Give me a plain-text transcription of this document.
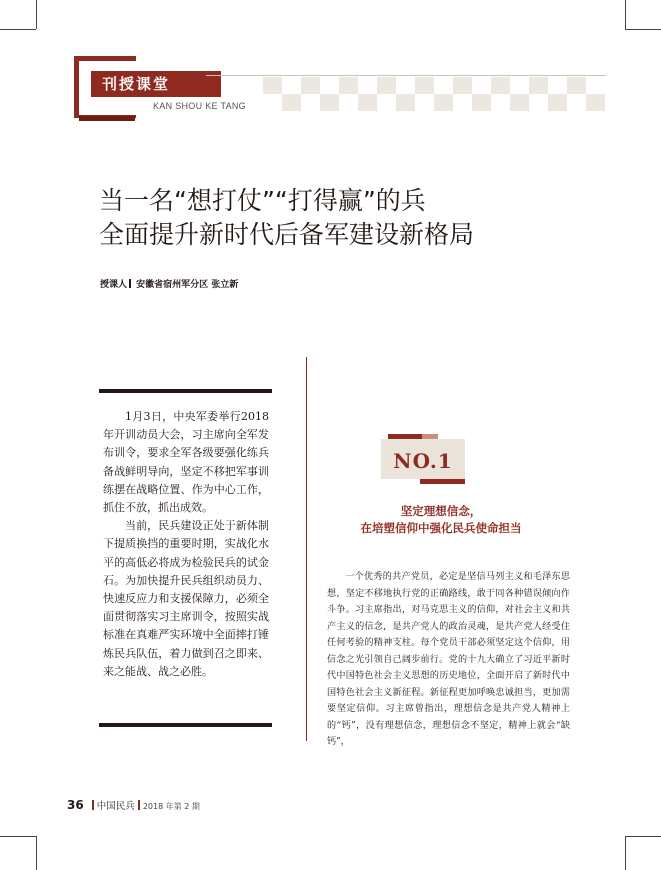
刊授课堂
KAN SHOU KE TANG
当一名“想打仗”“打得赢”的兵
全面提升新时代后备军建设新格局
授课人 安徽省宿州军分区 张立新

1月3日，中央军委举行2018年开训动员大会，习主席向全军发布训令，要求全军各级要强化练兵备战鲜明导向，坚定不移把军事训练摆在战略位置、作为中心工作，抓住不放，抓出成效。

当前，民兵建设正处于新体制下提质换挡的重要时期，实战化水平的高低必将成为检验民兵的试金石。为加快提升民兵组织动员力、快速反应力和支援保障力，必须全面贯彻落实习主席训令，按照实战标准在真难严实环境中全面摔打锤炼民兵队伍，着力做到召之即来、来之能战、战之必胜。

NO.1
坚定理想信念，
在培塑信仰中强化民兵使命担当

一个优秀的共产党员，必定是坚信马列主义和毛泽东思想，坚定不移地执行党的正确路线，敢于同各种错误倾向作斗争。习主席指出，对马克思主义的信仰，对社会主义和共产主义的信念，是共产党人的政治灵魂，是共产党人经受住任何考验的精神支柱。每个党员干部必须坚定这个信仰，用信念之光引领自己阔步前行。党的十九大确立了习近平新时代中国特色社会主义思想的历史地位，全面开启了新时代中国特色社会主义新征程。新征程更加呼唤忠诚担当，更加需要坚定信仰。习主席曾指出，理想信念是共产党人精神上的“钙”，没有理想信念，理想信念不坚定，精神上就会“缺钙”，

36 中国民兵 2018 年第 2 期
